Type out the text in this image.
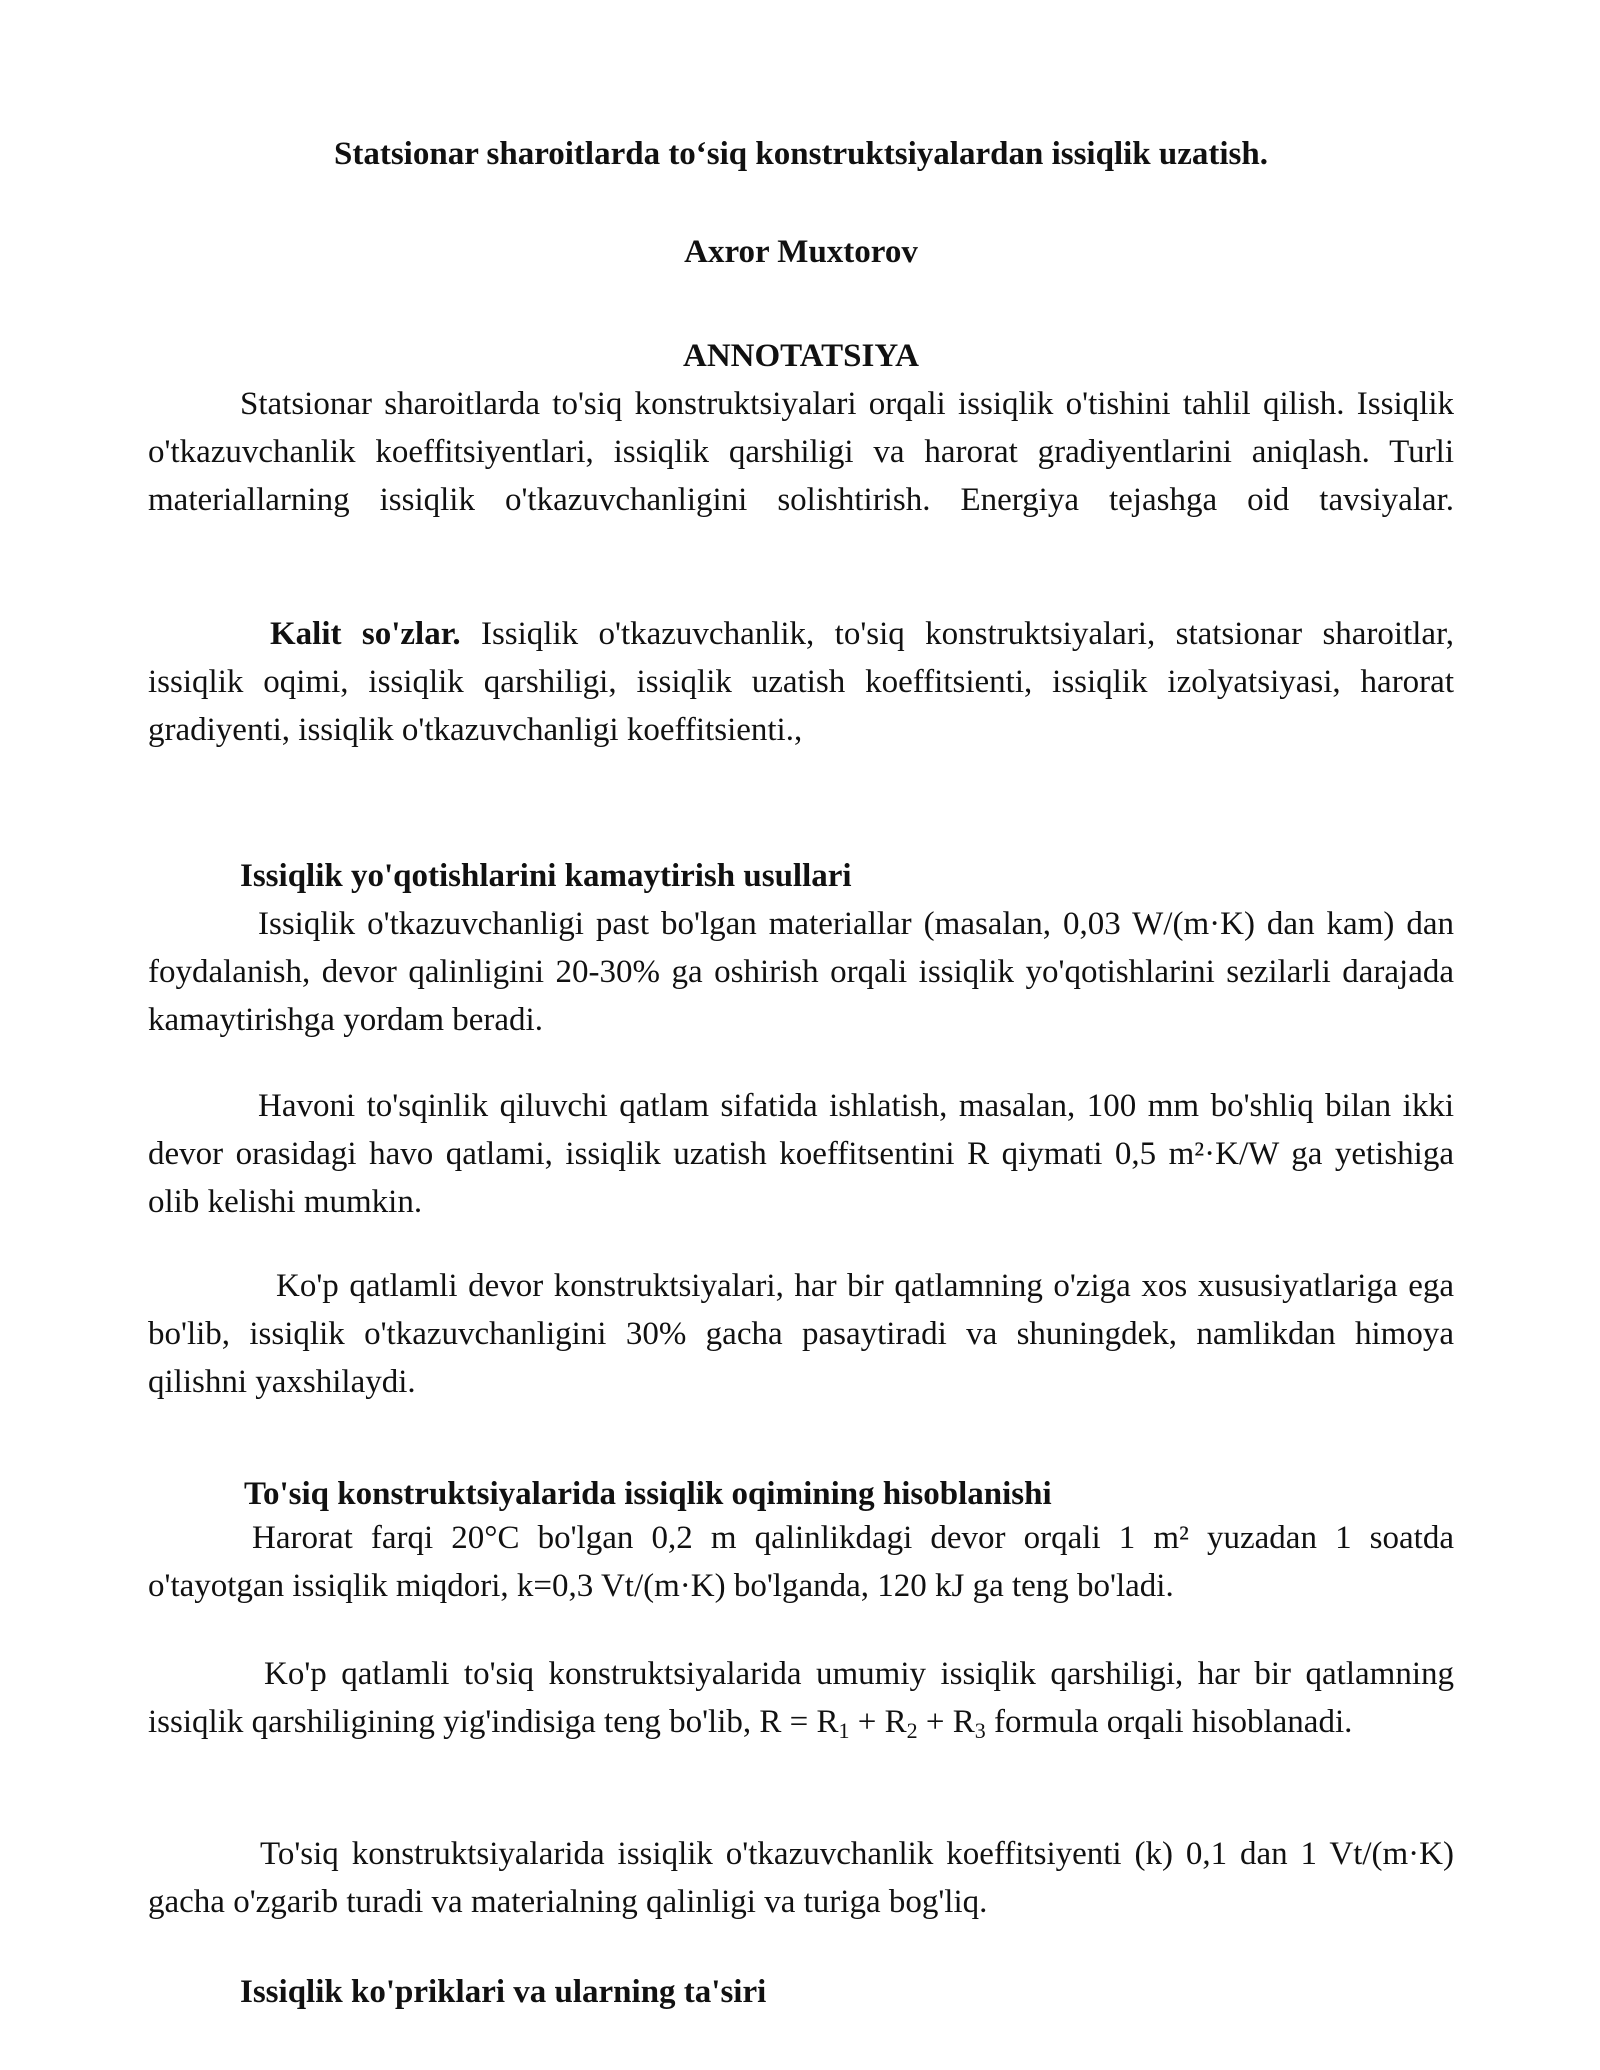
Statsionar sharoitlarda to‘siq konstruktsiyalardan issiqlik uzatish.
Axror Muxtorov
ANNOTATSIYA

Statsionar sharoitlarda to'siq konstruktsiyalari orqali issiqlik o'tishini tahlil qilish. Issiqlik o'tkazuvchanlik koeffitsiyentlari, issiqlik qarshiligi va harorat gradiyentlarini aniqlash. Turli materiallarning issiqlik o'tkazuvchanligini solishtirish. Energiya tejashga oid tavsiyalar.

Kalit so'zlar. Issiqlik o'tkazuvchanlik, to'siq konstruktsiyalari, statsionar sharoitlar, issiqlik oqimi, issiqlik qarshiligi, issiqlik uzatish koeffitsienti, issiqlik izolyatsiyasi, harorat gradiyenti, issiqlik o'tkazuvchanligi koeffitsienti.,

Issiqlik yo'qotishlarini kamaytirish usullari

Issiqlik o'tkazuvchanligi past bo'lgan materiallar (masalan, 0,03 W/(m·K) dan kam) dan foydalanish, devor qalinligini 20-30% ga oshirish orqali issiqlik yo'qotishlarini sezilarli darajada kamaytirishga yordam beradi.

Havoni to'sqinlik qiluvchi qatlam sifatida ishlatish, masalan, 100 mm bo'shliq bilan ikki devor orasidagi havo qatlami, issiqlik uzatish koeffitsentini R qiymati 0,5 m²·K/W ga yetishiga olib kelishi mumkin.

Ko'p qatlamli devor konstruktsiyalari, har bir qatlamning o'ziga xos xususiyatlariga ega bo'lib, issiqlik o'tkazuvchanligini 30% gacha pasaytiradi va shuningdek, namlikdan himoya qilishni yaxshilaydi.

To'siq konstruktsiyalarida issiqlik oqimining hisoblanishi

Harorat farqi 20°C bo'lgan 0,2 m qalinlikdagi devor orqali 1 m² yuzadan 1 soatda o'tayotgan issiqlik miqdori, k=0,3 Vt/(m·K) bo'lganda, 120 kJ ga teng bo'ladi.

Ko'p qatlamli to'siq konstruktsiyalarida umumiy issiqlik qarshiligi, har bir qatlamning issiqlik qarshiligining yig'indisiga teng bo'lib, $R = R_1 + R_2 + R_3$ formula orqali hisoblanadi.

To'siq konstruktsiyalarida issiqlik o'tkazuvchanlik koeffitsiyenti (k) 0,1 dan 1 Vt/(m·K) gacha o'zgarib turadi va materialning qalinligi va turiga bog'liq.

Issiqlik ko'priklari va ularning ta'siri
